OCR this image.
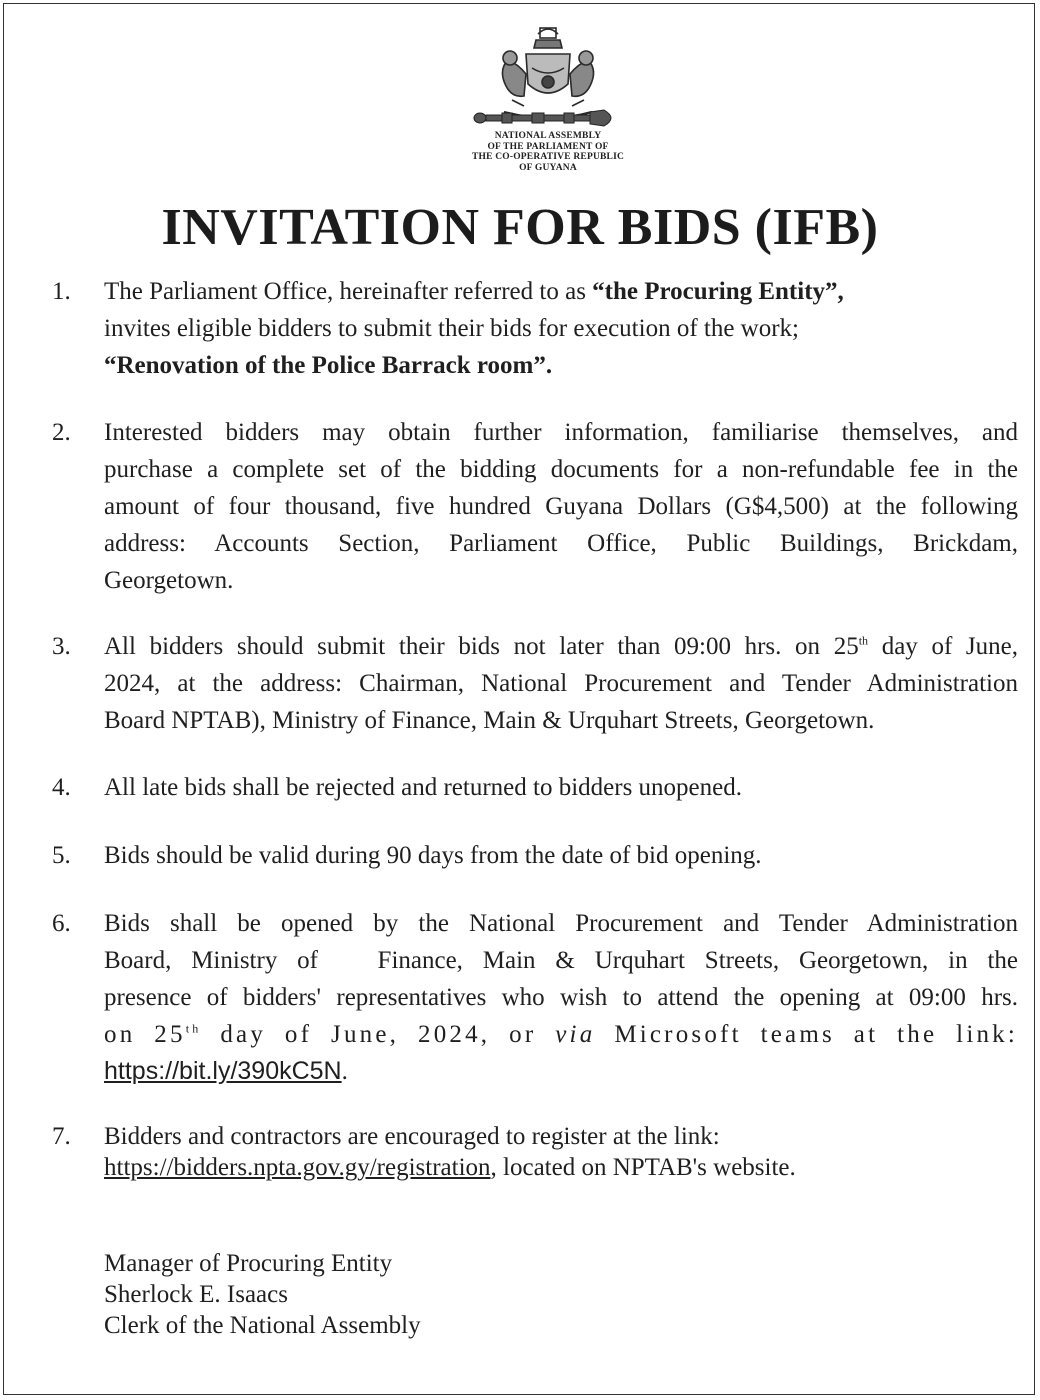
NATIONAL ASSEMBLY
OF THE PARLIAMENT OF
THE CO-OPERATIVE REPUBLIC
OF GUYANA
INVITATION FOR BIDS (IFB)
1. The Parliament Office, hereinafter referred to as “the Procuring Entity”,
invites eligible bidders to submit their bids for execution of the work;
“Renovation of the Police Barrack room”.
2. Interested bidders may obtain further information, familiarise themselves, and
purchase a complete set of the bidding documents for a non-refundable fee in the
amount of four thousand, five hundred Guyana Dollars (G$4,500) at the following
address: Accounts Section, Parliament Office, Public Buildings, Brickdam,
Georgetown.
3. All bidders should submit their bids not later than 09:00 hrs. on 25th day of June,
2024, at the address: Chairman, National Procurement and Tender Administration
Board NPTAB), Ministry of Finance, Main & Urquhart Streets, Georgetown.
4. All late bids shall be rejected and returned to bidders unopened.
5. Bids should be valid during 90 days from the date of bid opening.
6. Bids shall be opened by the National Procurement and Tender Administration
Board, Ministry of   Finance, Main & Urquhart Streets, Georgetown, in the
presence of bidders' representatives who wish to attend the opening at 09:00 hrs.
on 25th day of June, 2024, or via Microsoft teams at the link:
https://bit.ly/390kC5N.
7. Bidders and contractors are encouraged to register at the link:
https://bidders.npta.gov.gy/registration, located on NPTAB's website.
Manager of Procuring Entity
Sherlock E. Isaacs
Clerk of the National Assembly
